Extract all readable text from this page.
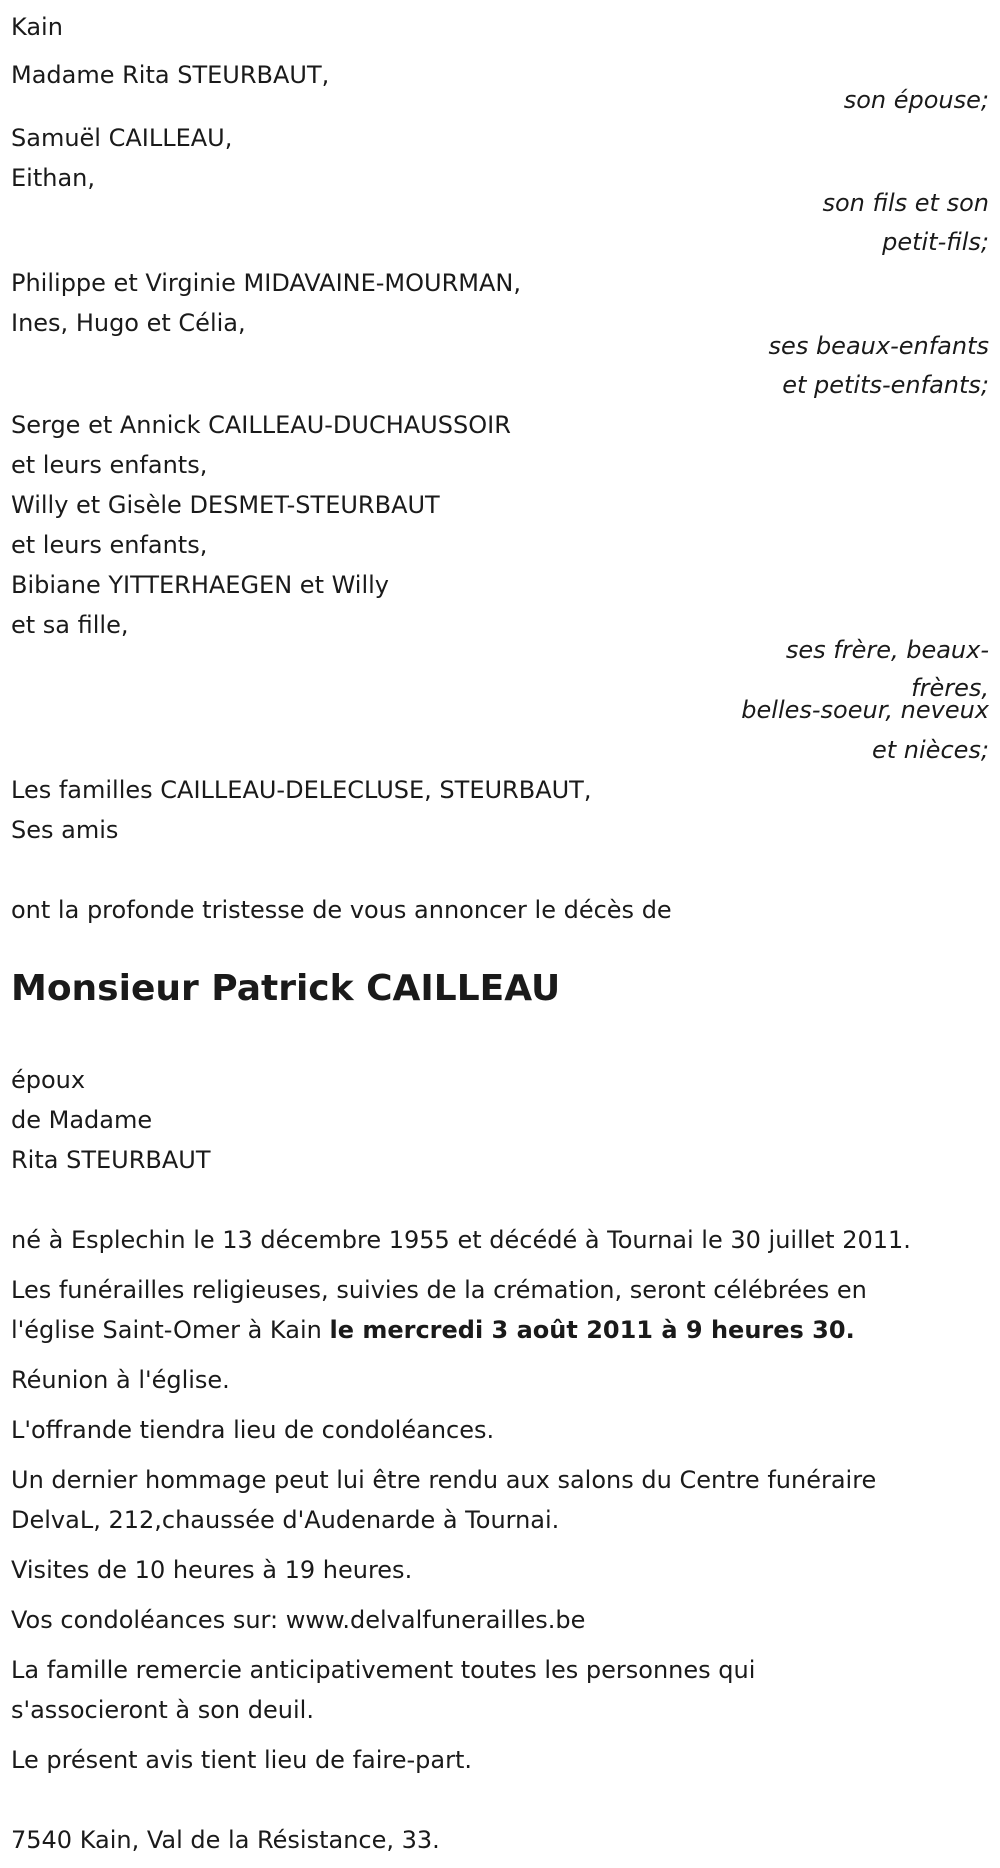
Kain
Madame Rita STEURBAUT,
son épouse;
Samuël CAILLEAU,
Eithan,
son fils et son
petit-fils;
Philippe et Virginie MIDAVAINE-MOURMAN,
Ines, Hugo et Célia,
ses beaux-enfants
et petits-enfants;
Serge et Annick CAILLEAU-DUCHAUSSOIR
et leurs enfants,
Willy et Gisèle DESMET-STEURBAUT
et leurs enfants,
Bibiane YITTERHAEGEN et Willy
et sa fille,
ses frère, beaux-
frères,
belles-soeur, neveux
et nièces;
Les familles CAILLEAU-DELECLUSE, STEURBAUT,
Ses amis
ont la profonde tristesse de vous annoncer le décès de
Monsieur Patrick CAILLEAU
époux
de Madame
Rita STEURBAUT
né à Esplechin le 13 décembre 1955 et décédé à Tournai le 30 juillet 2011.
Les funérailles religieuses, suivies de la crémation, seront célébrées en
l'église Saint-Omer à Kain le mercredi 3 août 2011 à 9 heures 30.
Réunion à l'église.
L'offrande tiendra lieu de condoléances.
Un dernier hommage peut lui être rendu aux salons du Centre funéraire
DelvaL, 212,chaussée d'Audenarde à Tournai.
Visites de 10 heures à 19 heures.
Vos condoléances sur: www.delvalfunerailles.be
La famille remercie anticipativement toutes les personnes qui
s'associeront à son deuil.
Le présent avis tient lieu de faire-part.
7540 Kain, Val de la Résistance, 33.
